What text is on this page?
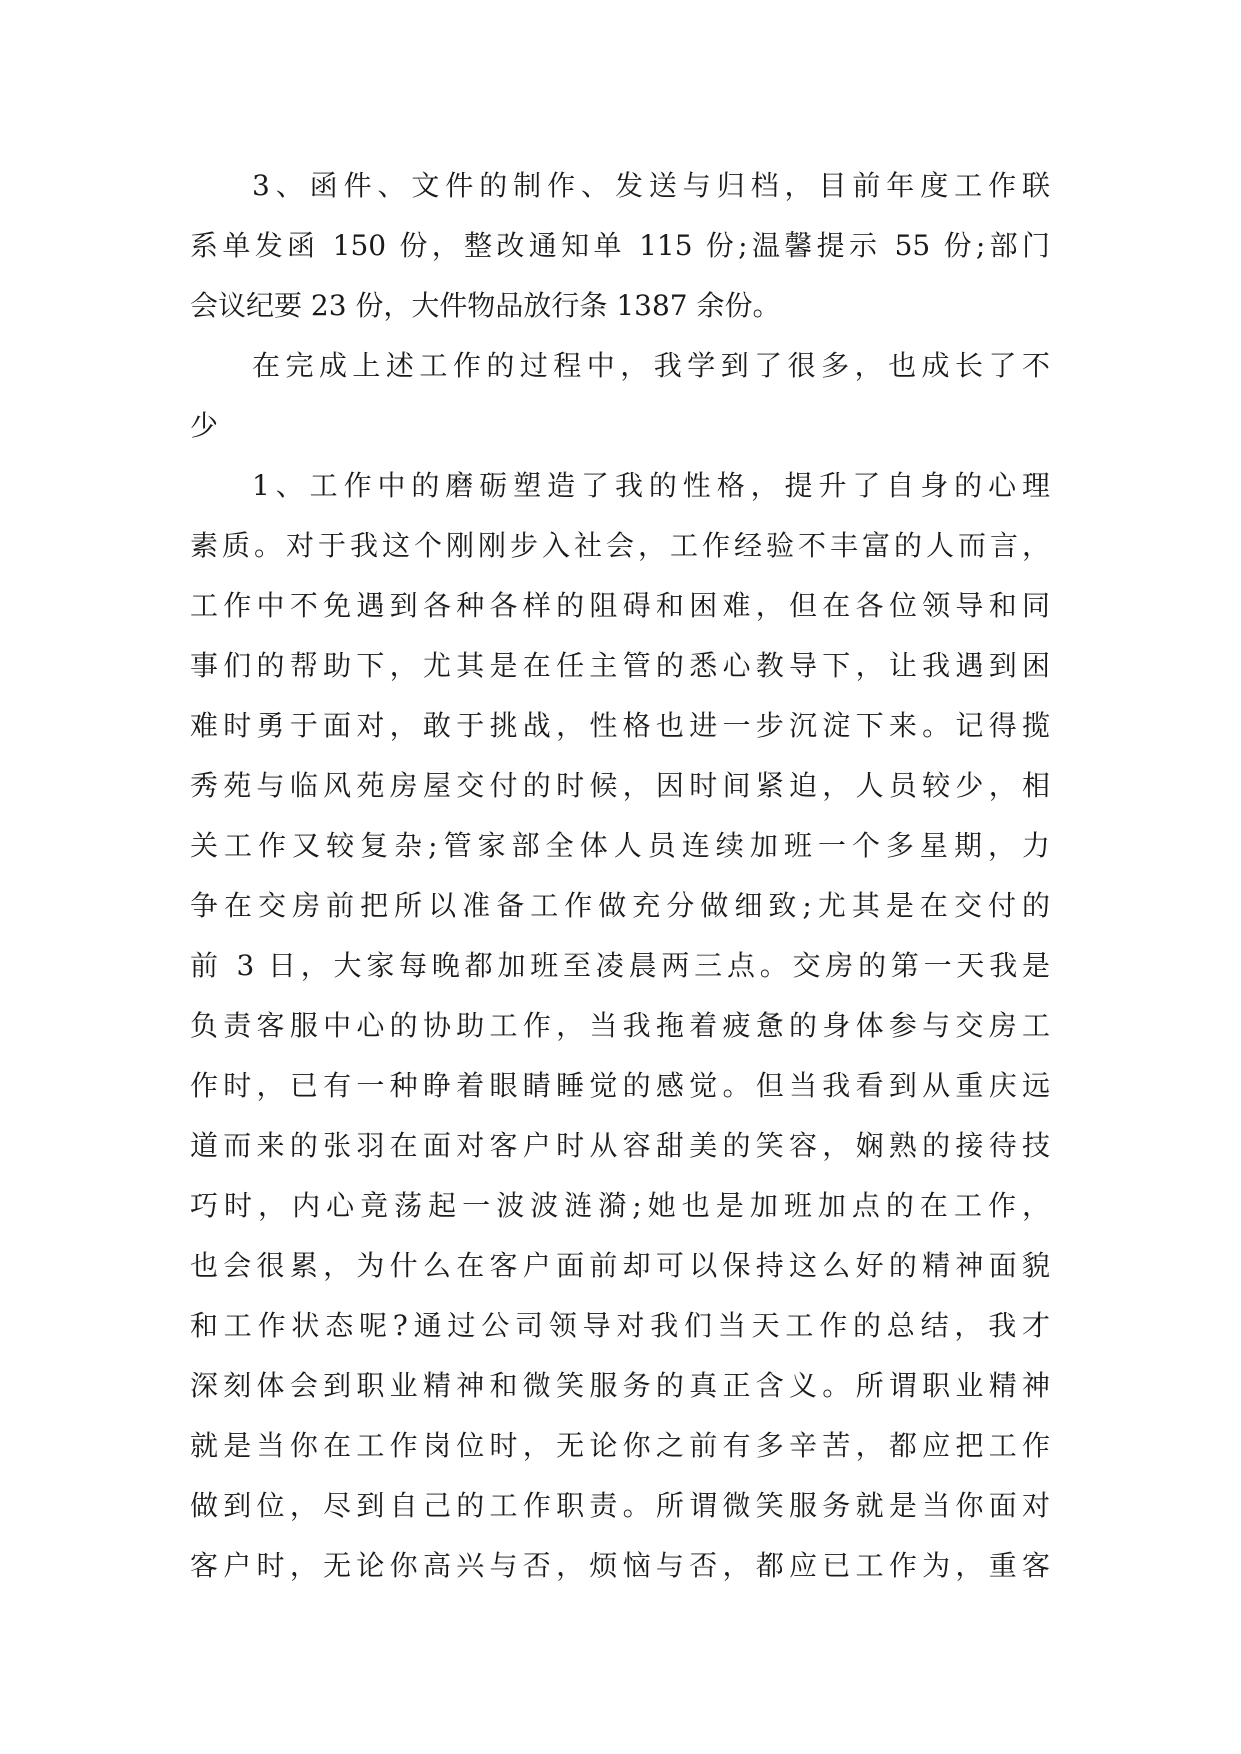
3、函件、文件的制作、发送与归档，目前年度工作联
系单发函 150 份，整改通知单 115 份;温馨提示 55 份;部门
会议纪要 23 份，大件物品放行条 1387 余份。
在完成上述工作的过程中，我学到了很多，也成长了不
少
1、工作中的磨砺塑造了我的性格，提升了自身的心理
素质。对于我这个刚刚步入社会，工作经验不丰富的人而言，
工作中不免遇到各种各样的阻碍和困难，但在各位领导和同
事们的帮助下，尤其是在任主管的悉心教导下，让我遇到困
难时勇于面对，敢于挑战，性格也进一步沉淀下来。记得揽
秀苑与临风苑房屋交付的时候，因时间紧迫，人员较少，相
关工作又较复杂;管家部全体人员连续加班一个多星期，力
争在交房前把所以准备工作做充分做细致;尤其是在交付的
前 3 日，大家每晚都加班至凌晨两三点。交房的第一天我是
负责客服中心的协助工作，当我拖着疲惫的身体参与交房工
作时，已有一种睁着眼睛睡觉的感觉。但当我看到从重庆远
道而来的张羽在面对客户时从容甜美的笑容，娴熟的接待技
巧时，内心竟荡起一波波涟漪;她也是加班加点的在工作，
也会很累，为什么在客户面前却可以保持这么好的精神面貌
和工作状态呢?通过公司领导对我们当天工作的总结，我才
深刻体会到职业精神和微笑服务的真正含义。所谓职业精神
就是当你在工作岗位时，无论你之前有多辛苦，都应把工作
做到位，尽到自己的工作职责。所谓微笑服务就是当你面对
客户时，无论你高兴与否，烦恼与否，都应已工作为，重客
